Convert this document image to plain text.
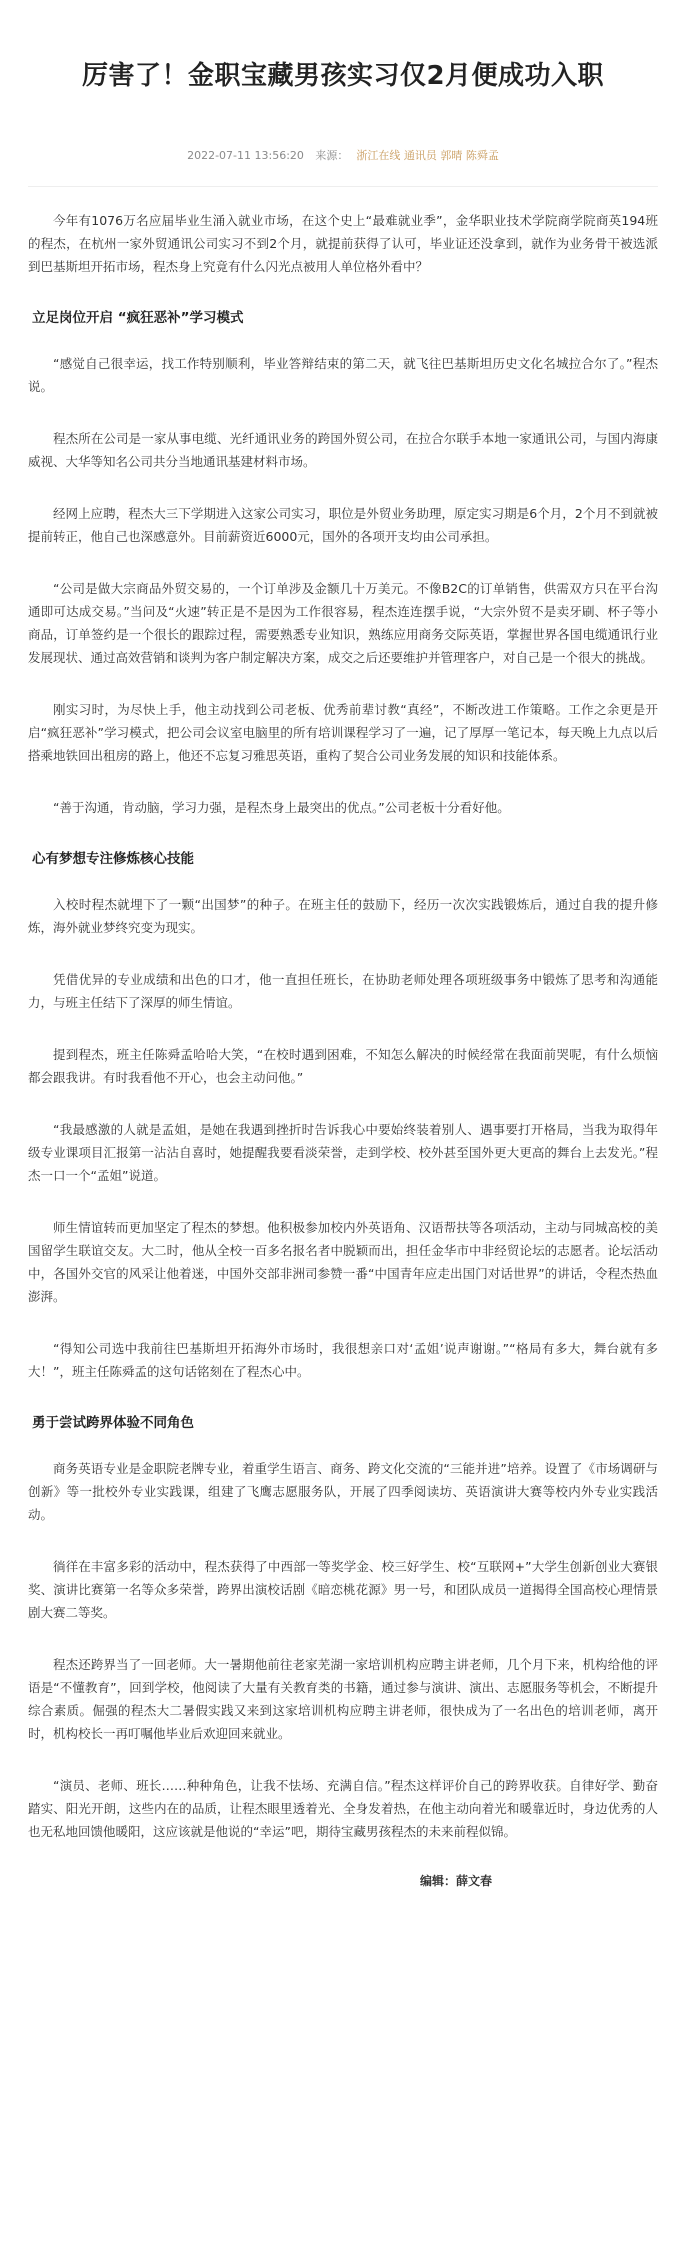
厉害了！金职宝藏男孩实习仅2月便成功入职
2022-07-11 13:56:20 来源： 浙江在线 通讯员 郭晴 陈舜孟

今年有1076万名应届毕业生涌入就业市场，在这个史上“最难就业季”，金华职业技术学院商学院商英194班的程杰，在杭州一家外贸通讯公司实习不到2个月，就提前获得了认可，毕业证还没拿到，就作为业务骨干被选派到巴基斯坦开拓市场，程杰身上究竟有什么闪光点被用人单位格外看中？

立足岗位开启 “疯狂恶补”学习模式

“感觉自己很幸运，找工作特别顺利，毕业答辩结束的第二天，就飞往巴基斯坦历史文化名城拉合尔了。”程杰说。

程杰所在公司是一家从事电缆、光纤通讯业务的跨国外贸公司，在拉合尔联手本地一家通讯公司，与国内海康威视、大华等知名公司共分当地通讯基建材料市场。

经网上应聘，程杰大三下学期进入这家公司实习，职位是外贸业务助理，原定实习期是6个月，2个月不到就被提前转正，他自己也深感意外。目前薪资近6000元，国外的各项开支均由公司承担。

“公司是做大宗商品外贸交易的，一个订单涉及金额几十万美元。不像B2C的订单销售，供需双方只在平台沟通即可达成交易。”当问及“火速”转正是不是因为工作很容易，程杰连连摆手说，“大宗外贸不是卖牙刷、杯子等小商品，订单签约是一个很长的跟踪过程，需要熟悉专业知识，熟练应用商务交际英语，掌握世界各国电缆通讯行业发展现状、通过高效营销和谈判为客户制定解决方案，成交之后还要维护并管理客户，对自己是一个很大的挑战。

刚实习时，为尽快上手，他主动找到公司老板、优秀前辈讨教“真经”，不断改进工作策略。工作之余更是开启“疯狂恶补”学习模式，把公司会议室电脑里的所有培训课程学习了一遍，记了厚厚一笔记本，每天晚上九点以后搭乘地铁回出租房的路上，他还不忘复习雅思英语，重构了契合公司业务发展的知识和技能体系。

“善于沟通，肯动脑，学习力强，是程杰身上最突出的优点。”公司老板十分看好他。

心有梦想专注修炼核心技能

入校时程杰就埋下了一颗“出国梦”的种子。在班主任的鼓励下，经历一次次实践锻炼后，通过自我的提升修炼，海外就业梦终究变为现实。

凭借优异的专业成绩和出色的口才，他一直担任班长，在协助老师处理各项班级事务中锻炼了思考和沟通能力，与班主任结下了深厚的师生情谊。

提到程杰，班主任陈舜孟哈哈大笑，“在校时遇到困难，不知怎么解决的时候经常在我面前哭呢，有什么烦恼都会跟我讲。有时我看他不开心，也会主动问他。”

“我最感激的人就是孟姐，是她在我遇到挫折时告诉我心中要始终装着别人、遇事要打开格局，当我为取得年级专业课项目汇报第一沾沾自喜时，她提醒我要看淡荣誉，走到学校、校外甚至国外更大更高的舞台上去发光。”程杰一口一个“孟姐”说道。

师生情谊转而更加坚定了程杰的梦想。他积极参加校内外英语角、汉语帮扶等各项活动，主动与同城高校的美国留学生联谊交友。大二时，他从全校一百多名报名者中脱颖而出，担任金华市中非经贸论坛的志愿者。论坛活动中，各国外交官的风采让他着迷，中国外交部非洲司参赞一番“中国青年应走出国门对话世界”的讲话，令程杰热血澎湃。

“得知公司选中我前往巴基斯坦开拓海外市场时，我很想亲口对‘孟姐’说声谢谢。”“格局有多大，舞台就有多大！”，班主任陈舜孟的这句话铭刻在了程杰心中。

勇于尝试跨界体验不同角色

商务英语专业是金职院老牌专业，着重学生语言、商务、跨文化交流的“三能并进”培养。设置了《市场调研与创新》等一批校外专业实践课，组建了飞鹰志愿服务队，开展了四季阅读坊、英语演讲大赛等校内外专业实践活动。

徜徉在丰富多彩的活动中，程杰获得了中西部一等奖学金、校三好学生、校“互联网+”大学生创新创业大赛银奖、演讲比赛第一名等众多荣誉，跨界出演校话剧《暗恋桃花源》男一号，和团队成员一道揭得全国高校心理情景剧大赛二等奖。

程杰还跨界当了一回老师。大一暑期他前往老家芜湖一家培训机构应聘主讲老师，几个月下来，机构给他的评语是“不懂教育”，回到学校，他阅读了大量有关教育类的书籍，通过参与演讲、演出、志愿服务等机会，不断提升综合素质。倔强的程杰大二暑假实践又来到这家培训机构应聘主讲老师，很快成为了一名出色的培训老师，离开时，机构校长一再叮嘱他毕业后欢迎回来就业。

“演员、老师、班长……种种角色，让我不怯场、充满自信。”程杰这样评价自己的跨界收获。自律好学、勤奋踏实、阳光开朗，这些内在的品质，让程杰眼里透着光、全身发着热，在他主动向着光和暖靠近时，身边优秀的人也无私地回馈他暖阳，这应该就是他说的“幸运”吧，期待宝藏男孩程杰的未来前程似锦。

编辑：薛文春
